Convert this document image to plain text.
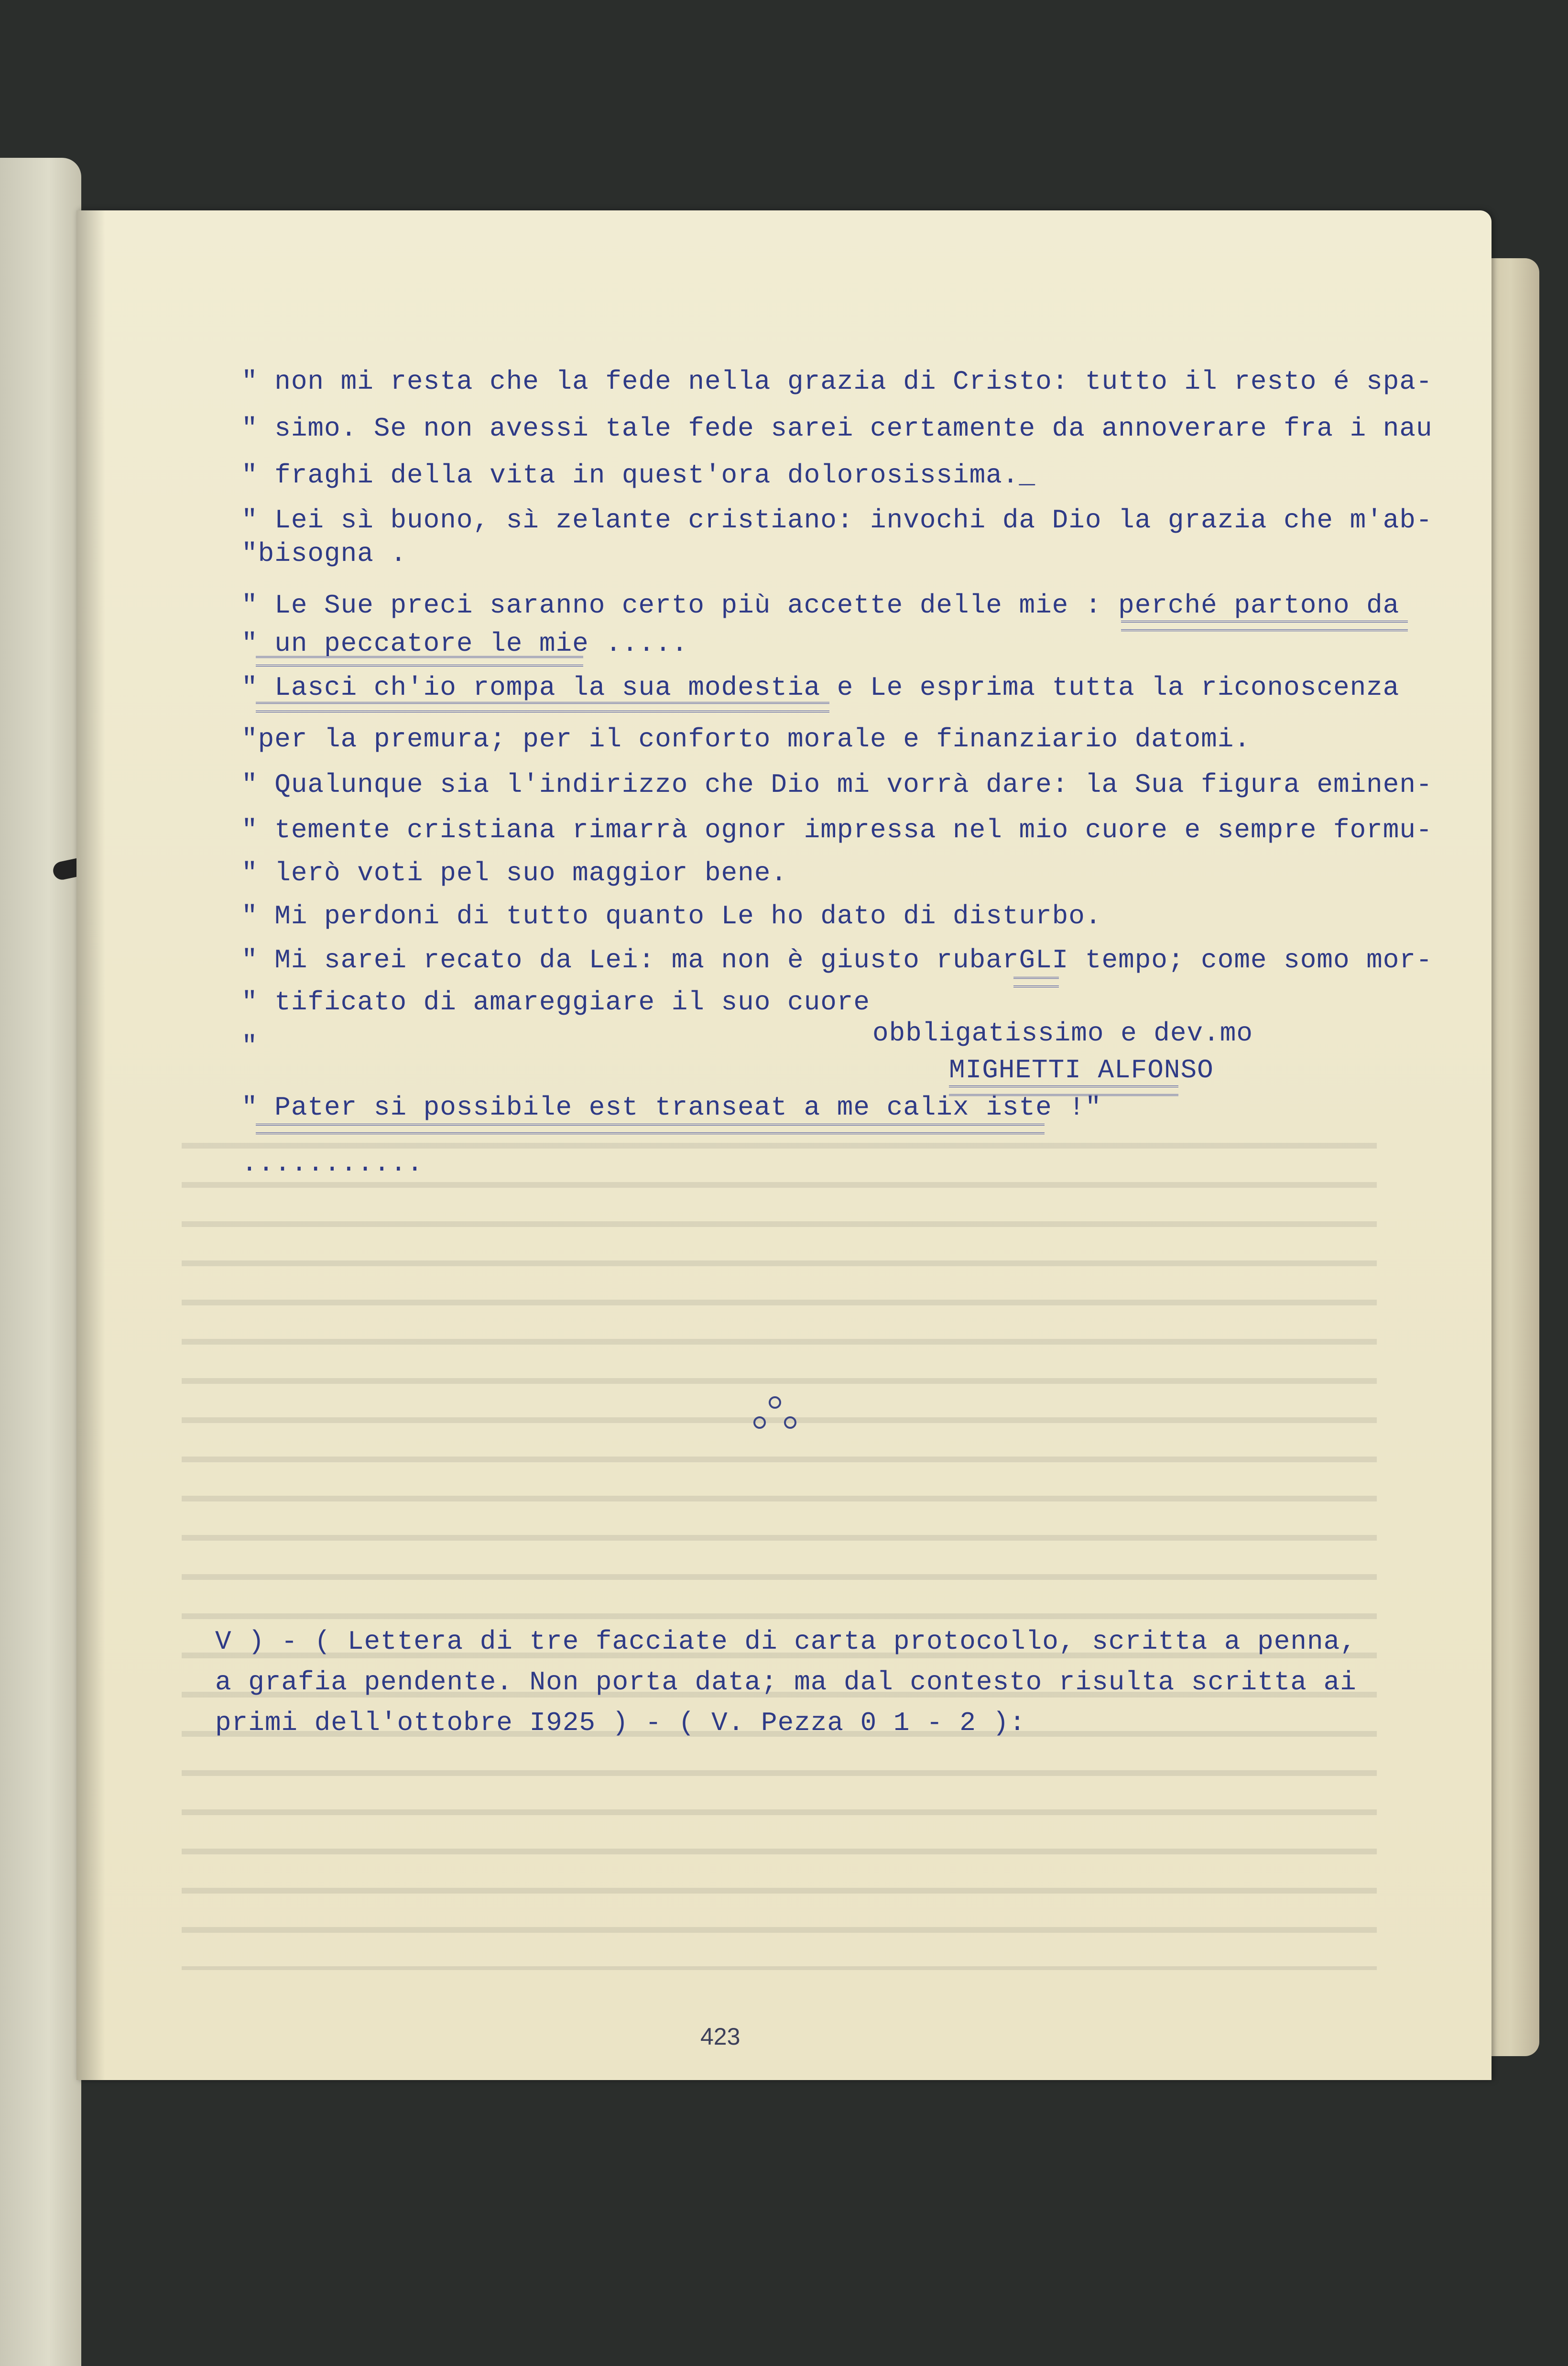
" non mi resta che la fede nella grazia di Cristo: tutto il resto é spa-
" simo. Se non avessi tale fede sarei certamente da annoverare fra i nau
" fraghi della vita in quest'ora dolorosissima._
" Lei sì buono, sì zelante cristiano: invochi da Dio la grazia che m'ab-
"bisogna .
" Le Sue preci saranno certo più accette delle mie : perché partono da
" un peccatore le mie .....
" Lasci ch'io rompa la sua modestia e Le esprima tutta la riconoscenza
"per la premura; per il conforto morale e finanziario datomi.
" Qualunque sia l'indirizzo che Dio mi vorrà dare: la Sua figura eminen-
" temente cristiana rimarrà ognor impressa nel mio cuore e sempre formu-
" lerò voti pel suo maggior bene.
" Mi perdoni di tutto quanto Le ho dato di disturbo.
" Mi sarei recato da Lei: ma non è giusto rubarGLI tempo; come somo mor-
" tificato di amareggiare il suo cuore
obbligatissimo e dev.mo
"
MIGHETTI ALFONSO
" Pater si possibile est transeat a me calix iste !"
...........
V ) - ( Lettera di tre facciate di carta protocollo, scritta a penna,
a grafia pendente. Non porta data; ma dal contesto risulta scritta ai
primi dell'ottobre I925 ) - ( V. Pezza 0 1 - 2 ):
423
